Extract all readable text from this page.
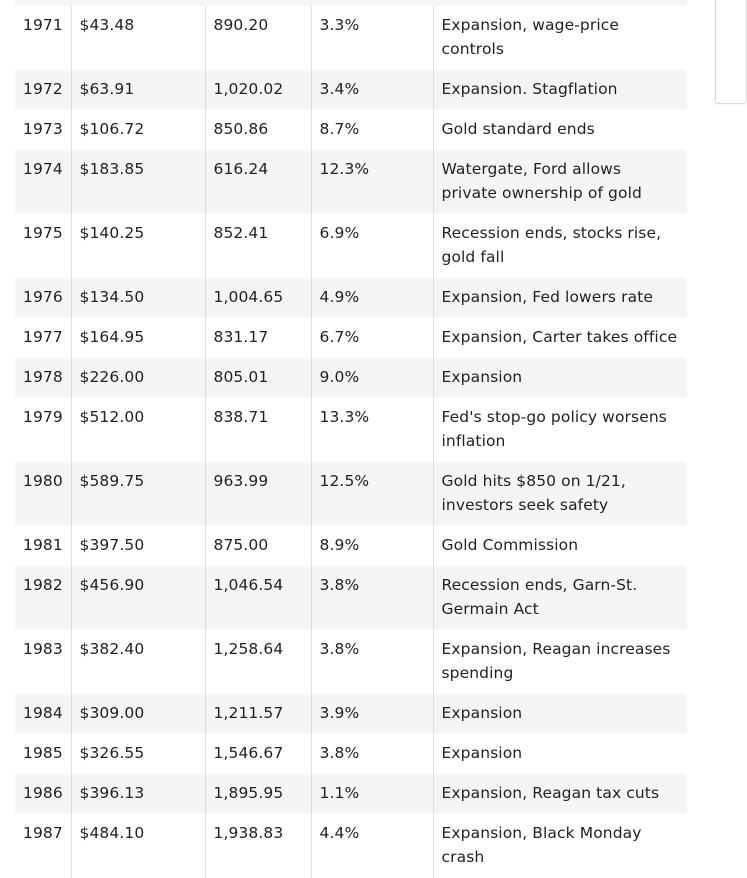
1971	$43.48	890.20	3.3%	Expansion, wage-price controls
1972	$63.91	1,020.02	3.4%	Expansion. Stagflation
1973	$106.72	850.86	8.7%	Gold standard ends
1974	$183.85	616.24	12.3%	Watergate, Ford allows private ownership of gold
1975	$140.25	852.41	6.9%	Recession ends, stocks rise, gold fall
1976	$134.50	1,004.65	4.9%	Expansion, Fed lowers rate
1977	$164.95	831.17	6.7%	Expansion, Carter takes office
1978	$226.00	805.01	9.0%	Expansion
1979	$512.00	838.71	13.3%	Fed's stop-go policy worsens inflation
1980	$589.75	963.99	12.5%	Gold hits $850 on 1/21, investors seek safety
1981	$397.50	875.00	8.9%	Gold Commission
1982	$456.90	1,046.54	3.8%	Recession ends, Garn-St. Germain Act
1983	$382.40	1,258.64	3.8%	Expansion, Reagan increases spending
1984	$309.00	1,211.57	3.9%	Expansion
1985	$326.55	1,546.67	3.8%	Expansion
1986	$396.13	1,895.95	1.1%	Expansion, Reagan tax cuts
1987	$484.10	1,938.83	4.4%	Expansion, Black Monday crash
